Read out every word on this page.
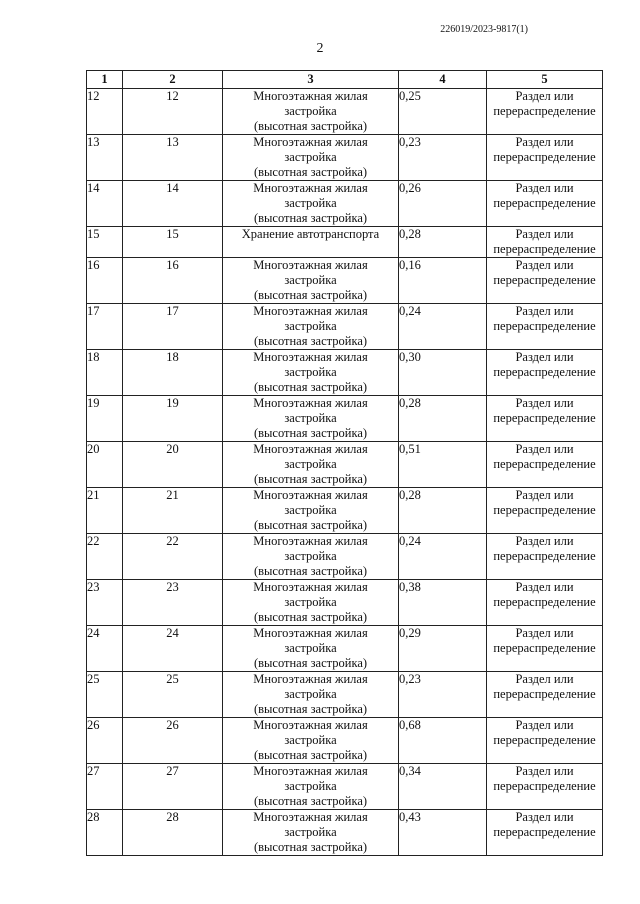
226019/2023-9817(1)
2
1	2	3	4	5
12	12	Многоэтажная жилая
застройка
(высотная застройка)	0,25	Раздел или
перераспределение

13	13	Многоэтажная жилая
застройка
(высотная застройка)	0,23	Раздел или
перераспределение

14	14	Многоэтажная жилая
застройка
(высотная застройка)	0,26	Раздел или
перераспределение

15	15	Хранение автотранспорта	0,28	Раздел или
перераспределение

16	16	Многоэтажная жилая
застройка
(высотная застройка)	0,16	Раздел или
перераспределение

17	17	Многоэтажная жилая
застройка
(высотная застройка)	0,24	Раздел или
перераспределение

18	18	Многоэтажная жилая
застройка
(высотная застройка)	0,30	Раздел или
перераспределение

19	19	Многоэтажная жилая
застройка
(высотная застройка)	0,28	Раздел или
перераспределение

20	20	Многоэтажная жилая
застройка
(высотная застройка)	0,51	Раздел или
перераспределение

21	21	Многоэтажная жилая
застройка
(высотная застройка)	0,28	Раздел или
перераспределение

22	22	Многоэтажная жилая
застройка
(высотная застройка)	0,24	Раздел или
перераспределение

23	23	Многоэтажная жилая
застройка
(высотная застройка)	0,38	Раздел или
перераспределение

24	24	Многоэтажная жилая
застройка
(высотная застройка)	0,29	Раздел или
перераспределение

25	25	Многоэтажная жилая
застройка
(высотная застройка)	0,23	Раздел или
перераспределение

26	26	Многоэтажная жилая
застройка
(высотная застройка)	0,68	Раздел или
перераспределение

27	27	Многоэтажная жилая
застройка
(высотная застройка)	0,34	Раздел или
перераспределение

28	28	Многоэтажная жилая
застройка
(высотная застройка)	0,43	Раздел или
перераспределение
